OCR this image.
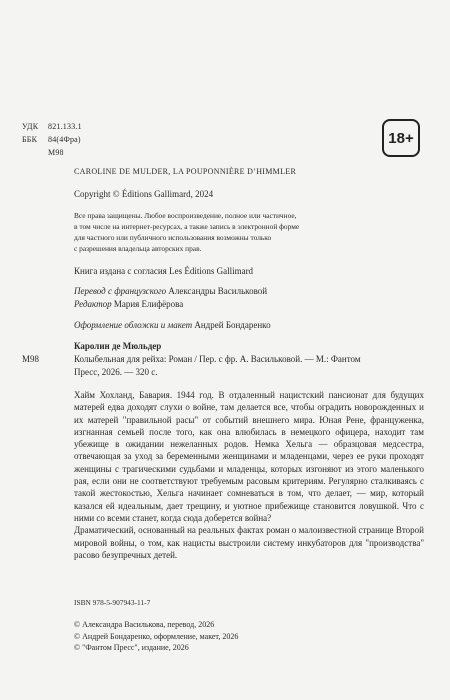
УДК 821.133.1
ББК 84(4Фра)
М98
18+
CAROLINE DE MULDER, LA POUPONNIÈRE D’HIMMLER
Copyright © Éditions Gallimard, 2024
Все права защищены. Любое воспроизведение, полное или частичное,
в том числе на интернет-ресурсах, а также запись в электронной форме
для частного или публичного использования возможны только
с разрешения владельца авторских прав.
Книга издана с согласия Les Éditions Gallimard
Перевод с французского Александры Васильковой
Редактор Мария Елифёрова
Оформление обложки и макет Андрей Бондаренко
Каролин де Мюльдер
М98	Колыбельная для рейха: Роман / Пер. с фр. А. Васильковой. — М.: Фантом
Пресс, 2026. — 320 с.

Хайм Хохланд, Бавария. 1944 год. В отдаленный нацистский пансионат для будущих матерей едва доходят слухи о войне, там делается все, чтобы оградить новорожденных и их матерей "правильной расы" от событий внешнего мира. Юная Рене, француженка, изгнанная семьей после того, как она влюбилась в немецкого офицера, находит там убежище в ожидании нежеланных родов. Немка Хельга — образцовая медсестра, отвечающая за уход за беременными женщинами и младенцами, через ее руки проходят женщины с трагическими судьбами и младенцы, которых изгоняют из этого маленького рая, если они не соответствуют требуемым расовым критериям. Регулярно сталкиваясь с такой жестокостью, Хельга начинает сомневаться в том, что делает, — мир, который казался ей идеальным, дает трещину, и уютное прибежище становится ловушкой. Что с ними со всеми станет, когда сюда доберется война?

Драматический, основанный на реальных фактах роман о малоизвестной странице Второй мировой войны, о том, как нацисты выстроили систему инкубаторов для "производства" расово безупречных детей.

ISBN 978-5-907943-11-7
© Александра Василькова, перевод, 2026
© Андрей Бондаренко, оформление, макет, 2026
© "Фантом Пресс", издание, 2026
